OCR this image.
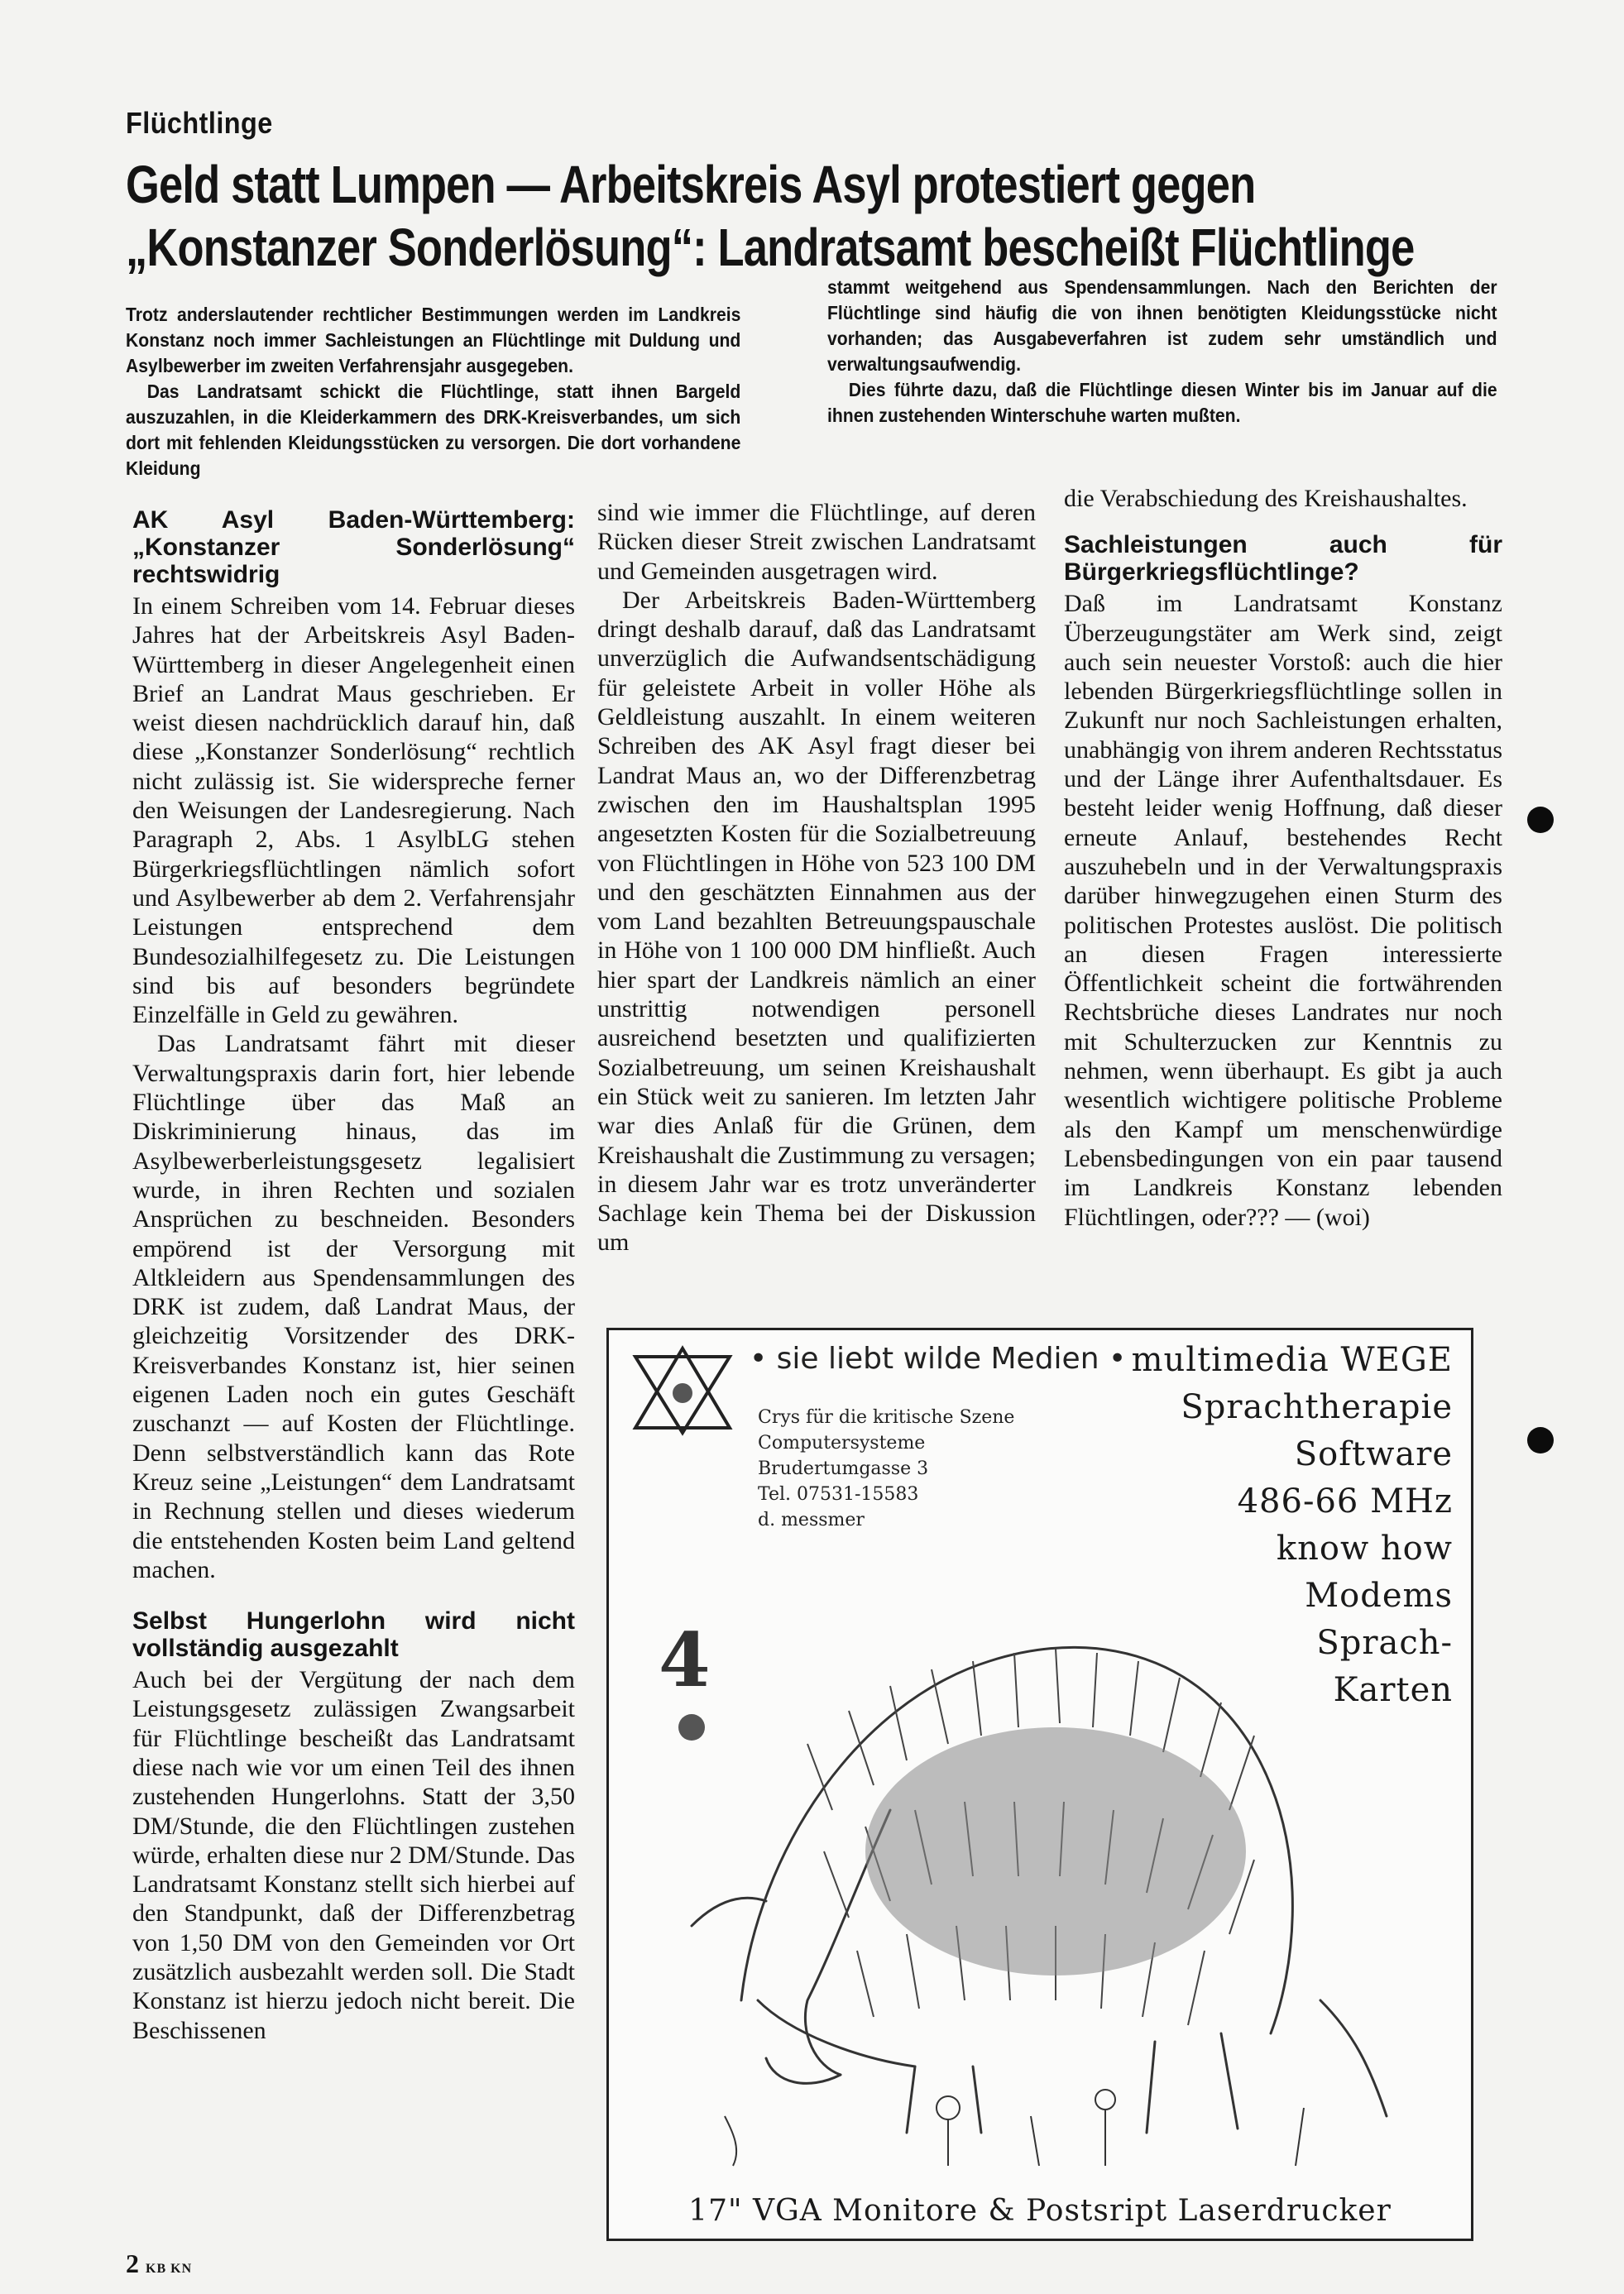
Flüchtlinge
Geld statt Lumpen — Arbeitskreis Asyl protestiert gegen
„Konstanzer Sonderlösung“: Landratsamt bescheißt Flüchtlinge

Trotz anderslautender rechtlicher Bestimmungen werden im Landkreis Konstanz noch immer Sachleistungen an Flüchtlinge mit Duldung und Asylbewerber im zweiten Verfahrensjahr ausgegeben.

Das Landratsamt schickt die Flüchtlinge, statt ihnen Bargeld auszuzahlen, in die Kleiderkammern des DRK-Kreisverbandes, um sich dort mit fehlenden Kleidungsstücken zu versorgen. Die dort vorhandene Kleidung

stammt weitgehend aus Spendensammlungen. Nach den Berichten der Flüchtlinge sind häufig die von ihnen benötigten Kleidungsstücke nicht vorhanden; das Ausgabeverfahren ist zudem sehr umständlich und verwaltungsaufwendig.

Dies führte dazu, daß die Flüchtlinge diesen Winter bis im Januar auf die ihnen zustehenden Winterschuhe warten mußten.

AK Asyl Baden-Württemberg: „Konstanzer Sonderlösung“ rechtswidrig

In einem Schreiben vom 14. Februar dieses Jahres hat der Arbeitskreis Asyl Baden-Württemberg in dieser Angelegenheit einen Brief an Landrat Maus geschrieben. Er weist diesen nachdrücklich darauf hin, daß diese „Konstanzer Sonderlösung“ rechtlich nicht zulässig ist. Sie widerspreche ferner den Weisungen der Landesregierung. Nach Paragraph 2, Abs. 1 AsylbLG stehen Bürgerkriegsflüchtlingen nämlich sofort und Asylbewerber ab dem 2. Verfahrensjahr Leistungen entsprechend dem Bundesozialhilfegesetz zu. Die Leistungen sind bis auf besonders begründete Einzelfälle in Geld zu gewähren.

Das Landratsamt fährt mit dieser Verwaltungspraxis darin fort, hier lebende Flüchtlinge über das Maß an Diskriminierung hinaus, das im Asylbewerberleistungsgesetz legalisiert wurde, in ihren Rechten und sozialen Ansprüchen zu beschneiden. Besonders empörend ist der Versorgung mit Altkleidern aus Spendensammlungen des DRK ist zudem, daß Landrat Maus, der gleichzeitig Vorsitzender des DRK-Kreisverbandes Konstanz ist, hier seinen eigenen Laden noch ein gutes Geschäft zuschanzt — auf Kosten der Flüchtlinge. Denn selbstverständlich kann das Rote Kreuz seine „Leistungen“ dem Landratsamt in Rechnung stellen und dieses wiederum die entstehenden Kosten beim Land geltend machen.

Selbst Hungerlohn wird nicht vollständig ausgezahlt

Auch bei der Vergütung der nach dem Leistungsgesetz zulässigen Zwangsarbeit für Flüchtlinge bescheißt das Landratsamt diese nach wie vor um einen Teil des ihnen zustehenden Hungerlohns. Statt der 3,50 DM/Stunde, die den Flüchtlingen zustehen würde, erhalten diese nur 2 DM/Stunde. Das Landratsamt Konstanz stellt sich hierbei auf den Standpunkt, daß der Differenzbetrag von 1,50 DM von den Gemeinden vor Ort zusätzlich ausbezahlt werden soll. Die Stadt Konstanz ist hierzu jedoch nicht bereit. Die Beschissenen

sind wie immer die Flüchtlinge, auf deren Rücken dieser Streit zwischen Landratsamt und Gemeinden ausgetragen wird.

Der Arbeitskreis Baden-Württemberg dringt deshalb darauf, daß das Landratsamt unverzüglich die Aufwandsentschädigung für geleistete Arbeit in voller Höhe als Geldleistung auszahlt. In einem weiteren Schreiben des AK Asyl fragt dieser bei Landrat Maus an, wo der Differenzbetrag zwischen den im Haushaltsplan 1995 angesetzten Kosten für die Sozialbetreuung von Flüchtlingen in Höhe von 523 100 DM und den geschätzten Einnahmen aus der vom Land bezahlten Betreuungspauschale in Höhe von 1 100 000 DM hinfließt. Auch hier spart der Landkreis nämlich an einer unstrittig notwendigen personell ausreichend besetzten und qualifizierten Sozialbetreuung, um seinen Kreishaushalt ein Stück weit zu sanieren. Im letzten Jahr war dies Anlaß für die Grünen, dem Kreishaushalt die Zustimmung zu versagen; in diesem Jahr war es trotz unveränderter Sachlage kein Thema bei der Diskussion um

die Verabschiedung des Kreishaushaltes.

Sachleistungen auch für Bürgerkriegsflüchtlinge?

Daß im Landratsamt Konstanz Überzeugungstäter am Werk sind, zeigt auch sein neuester Vorstoß: auch die hier lebenden Bürgerkriegsflüchtlinge sollen in Zukunft nur noch Sachleistungen erhalten, unabhängig von ihrem anderen Rechtsstatus und der Länge ihrer Aufenthaltsdauer. Es besteht leider wenig Hoffnung, daß dieser erneute Anlauf, bestehendes Recht auszuhebeln und in der Verwaltungspraxis darüber hinwegzugehen einen Sturm des politischen Protestes auslöst. Die politisch an diesen Fragen interessierte Öffentlichkeit scheint die fortwährenden Rechtsbrüche dieses Landrates nur noch mit Schulterzucken zur Kenntnis zu nehmen, wenn überhaupt. Es gibt ja auch wesentlich wichtigere politische Probleme als den Kampf um menschenwürdige Lebensbedingungen von ein paar tausend im Landkreis Konstanz lebenden Flüchtlingen, oder??? — (woi)

• sie liebt wilde Medien •
Crys für die kritische Szene
Computersysteme
Brudertumgasse 3
Tel. 07531-15583
d. messmer
multimedia WEGE
Sprachtherapie
Software
486-66 MHz
know how
Modems
Sprach-
Karten
4
17" VGA Monitore & Postsript Laserdrucker
2 KB KN
